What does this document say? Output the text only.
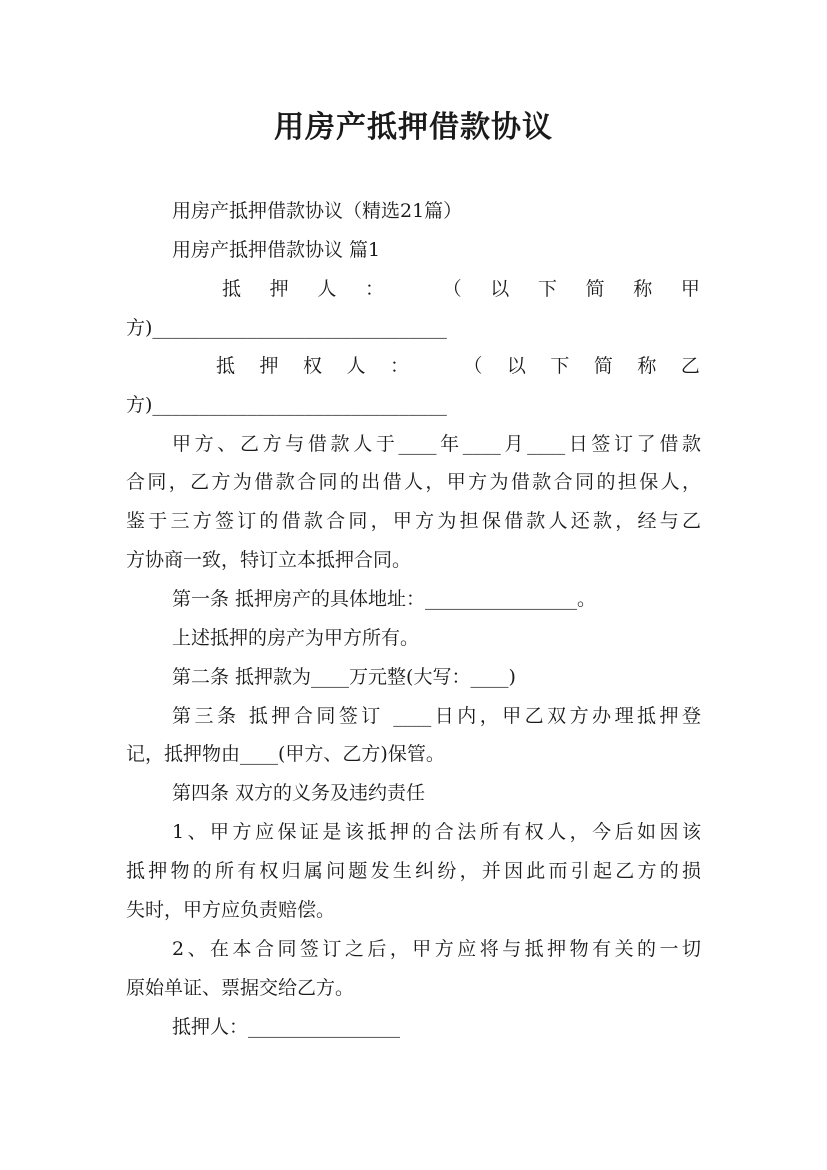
用房产抵押借款协议
用房产抵押借款协议（精选21篇）
用房产抵押借款协议 篇1
抵 押 人 ：	（ 以 下 简 称 甲
方)_______________________________
抵 押 权 人 ：	（ 以 下 简 称 乙
方)_______________________________
甲方、乙方与借款人于____年____月____日签订了借款
合同，乙方为借款合同的出借人，甲方为借款合同的担保人，
鉴于三方签订的借款合同，甲方为担保借款人还款，经与乙
方协商一致，特订立本抵押合同。
第一条 抵押房产的具体地址：________________。
上述抵押的房产为甲方所有。
第二条 抵押款为____万元整(大写：____)
第三条 抵押合同签订 ____日内，甲乙双方办理抵押登
记，抵押物由____(甲方、乙方)保管。
第四条 双方的义务及违约责任
1、甲方应保证是该抵押的合法所有权人，今后如因该
抵押物的所有权归属问题发生纠纷，并因此而引起乙方的损
失时，甲方应负责赔偿。
2、在本合同签订之后，甲方应将与抵押物有关的一切
原始单证、票据交给乙方。
抵押人：________________
